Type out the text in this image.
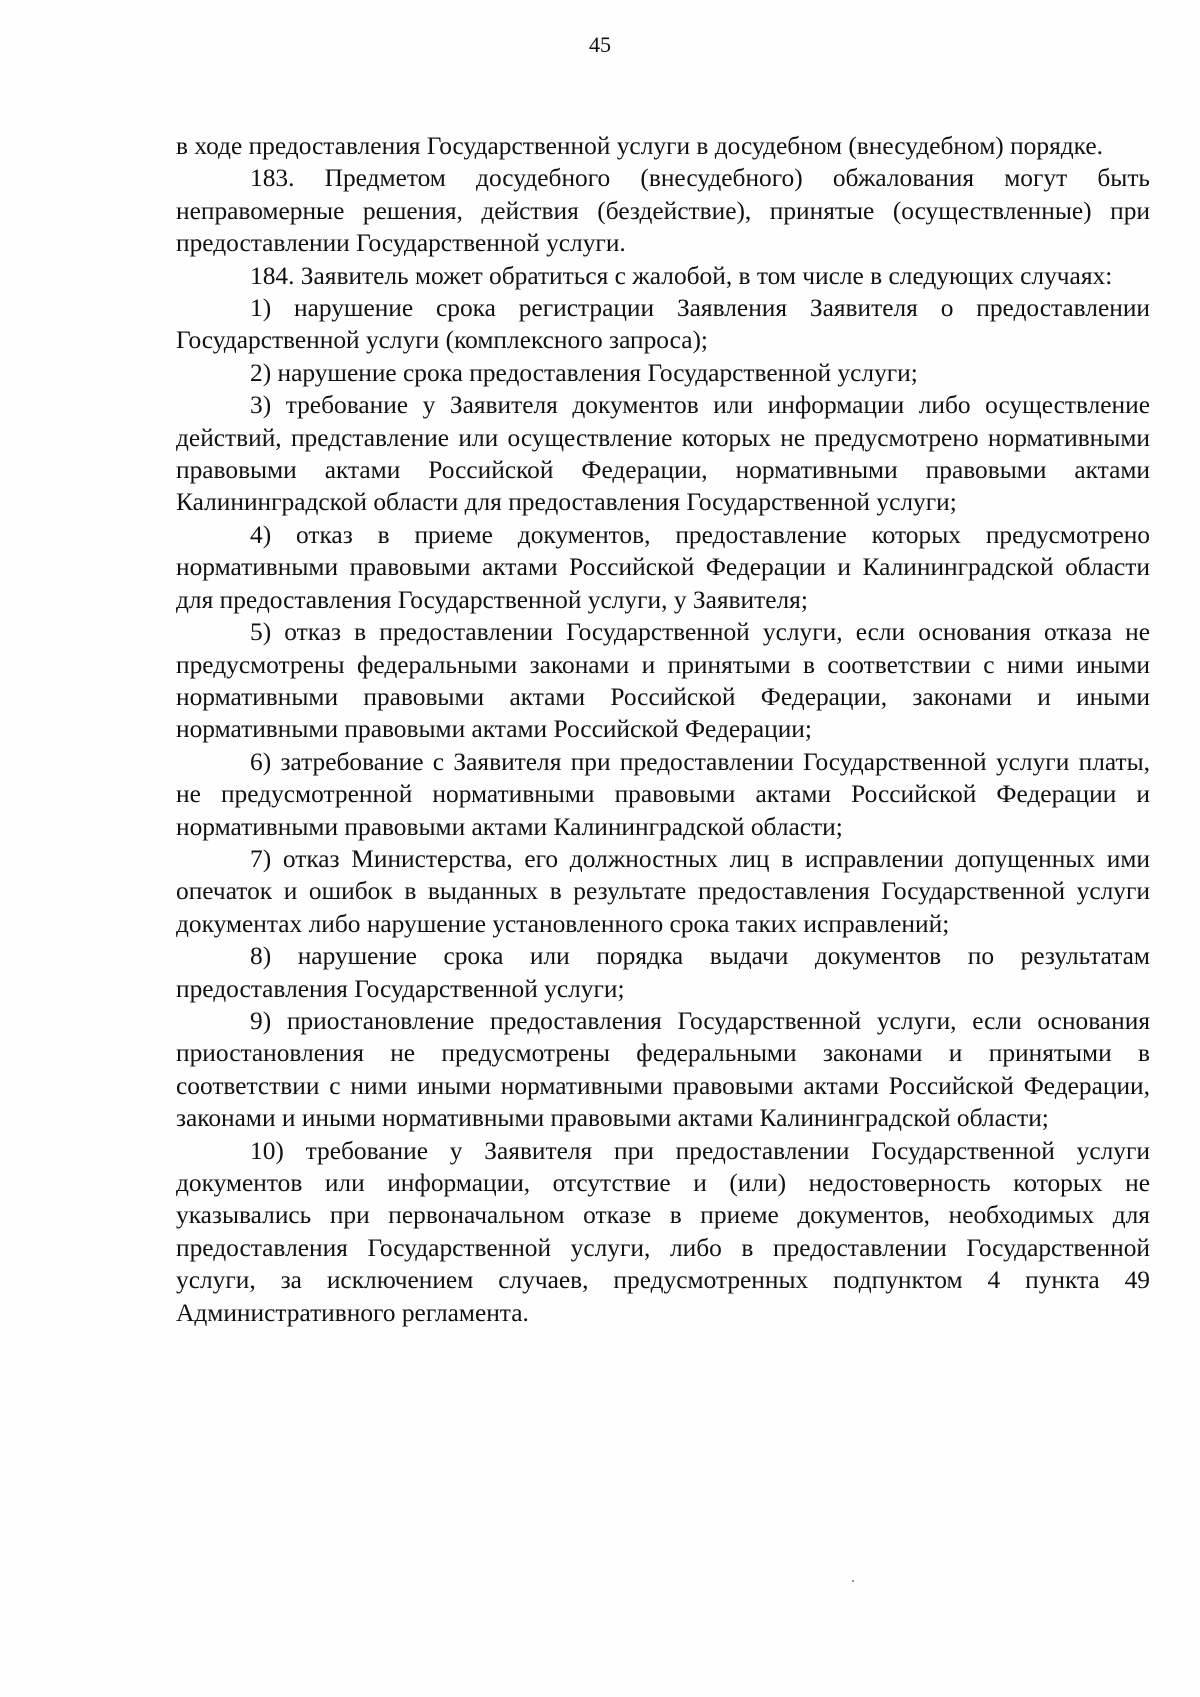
45

в ходе предоставления Государственной услуги в досудебном (внесудебном) порядке.

183. Предметом досудебного (внесудебного) обжалования могут быть неправомерные решения, действия (бездействие), принятые (осуществленные) при предоставлении Государственной услуги.

184. Заявитель может обратиться с жалобой, в том числе в следующих случаях:

1) нарушение срока регистрации Заявления Заявителя о предоставлении Государственной услуги (комплексного запроса);

2) нарушение срока предоставления Государственной услуги;

3) требование у Заявителя документов или информации либо осуществление действий, представление или осуществление которых не предусмотрено нормативными правовыми актами Российской Федерации, нормативными правовыми актами Калининградской области для предоставления Государственной услуги;

4) отказ в приеме документов, предоставление которых предусмотрено нормативными правовыми актами Российской Федерации и Калининградской области для предоставления Государственной услуги, у Заявителя;

5) отказ в предоставлении Государственной услуги, если основания отказа не предусмотрены федеральными законами и принятыми в соответствии с ними иными нормативными правовыми актами Российской Федерации, законами и иными нормативными правовыми актами Российской Федерации;

6) затребование с Заявителя при предоставлении Государственной услуги платы, не предусмотренной нормативными правовыми актами Российской Федерации и нормативными правовыми актами Калининградской области;

7) отказ Министерства, его должностных лиц в исправлении допущенных ими опечаток и ошибок в выданных в результате предоставления Государственной услуги документах либо нарушение установленного срока таких исправлений;

8) нарушение срока или порядка выдачи документов по результатам предоставления Государственной услуги;

9) приостановление предоставления Государственной услуги, если основания приостановления не предусмотрены федеральными законами и принятыми в соответствии с ними иными нормативными правовыми актами Российской Федерации, законами и иными нормативными правовыми актами Калининградской области;

10) требование у Заявителя при предоставлении Государственной услуги документов или информации, отсутствие и (или) недостоверность которых не указывались при первоначальном отказе в приеме документов, необходимых для предоставления Государственной услуги, либо в предоставлении Государственной услуги, за исключением случаев, предусмотренных подпунктом 4 пункта 49 Административного регламента.
